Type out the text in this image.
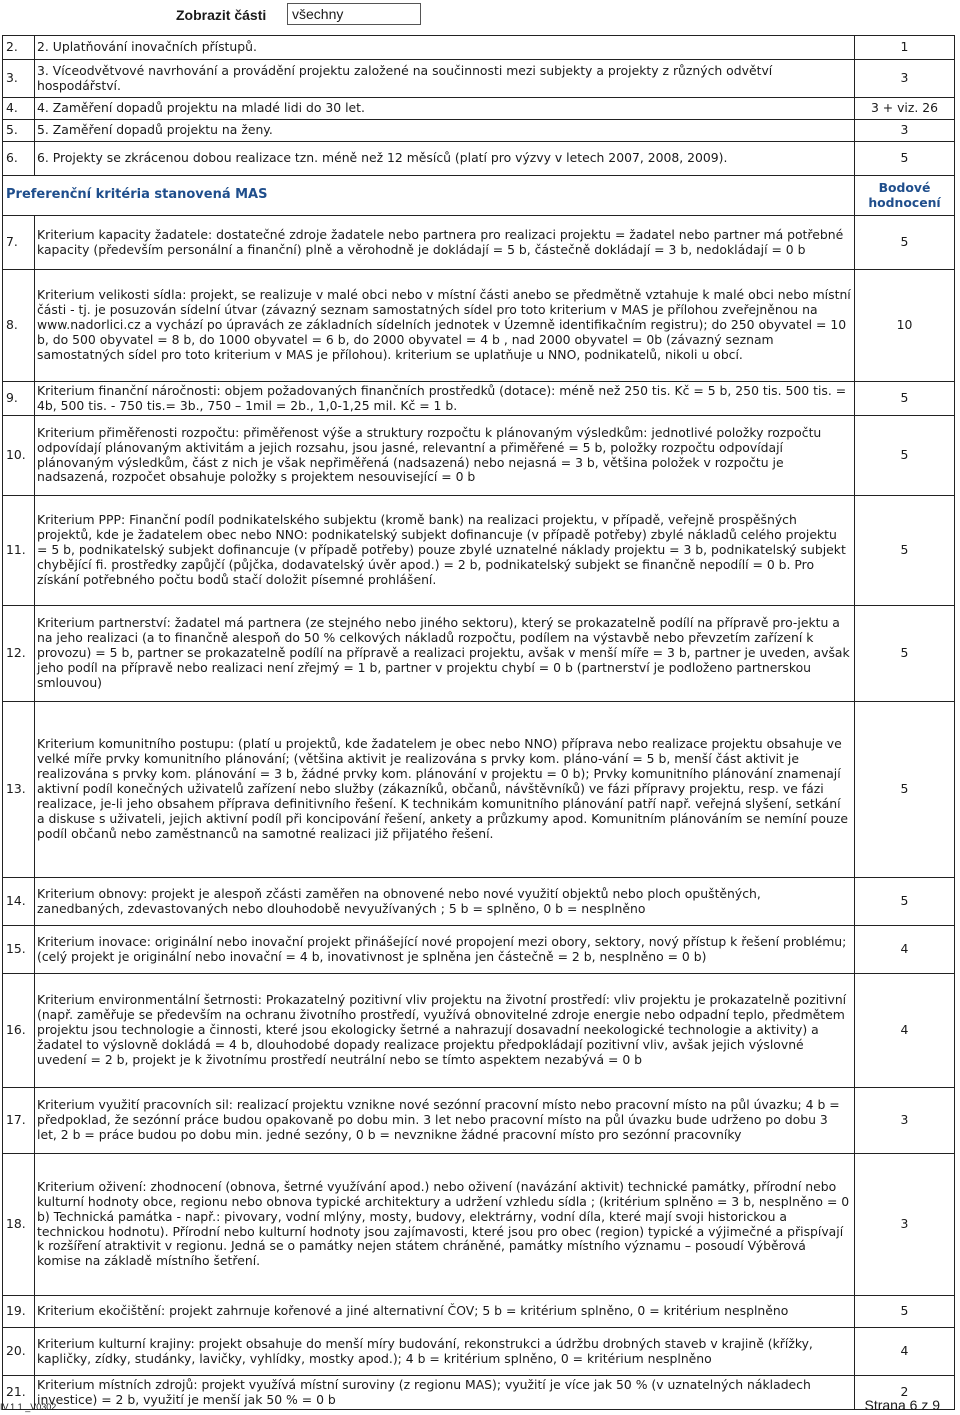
Zobrazit části	všechny
2.	2. Uplatňování inovačních přístupů.	1
3.	3. Víceodvětvové navrhování a provádění projektu založené na součinnosti mezi subjekty a projekty z různých odvětví hospodářství.	3
4.	4. Zaměření dopadů projektu na mladé lidi do 30 let.	3 + viz. 26
5.	5. Zaměření dopadů projektu na ženy.	3
6.	6. Projekty se zkrácenou dobou realizace tzn. méně než 12 měsíců (platí pro výzvy v letech 2007, 2008, 2009).	5
Preferenční kritéria stanovená MAS		Bodové hodnocení
7.	Kriterium kapacity žadatele: dostatečné zdroje žadatele nebo partnera pro realizaci projektu = žadatel nebo partner má potřebné kapacity (především personální a finanční) plně a věrohodně je dokládají = 5 b, částečně dokládají = 3 b, nedokládají = 0 b	5
8.	Kriterium velikosti sídla: projekt, se realizuje v malé obci nebo v místní části anebo se předmětně vztahuje k malé obci nebo místní části - tj. je posuzován sídelní útvar (závazný seznam samostatných sídel pro toto kriterium v MAS je přílohou zveřejněnou na www.nadorlici.cz a vychází po úpravách ze základních sídelních jednotek v Územně identifikačním registru); do 250 obyvatel = 10 b, do 500 obyvatel = 8 b, do 1000 obyvatel = 6 b, do 2000 obyvatel = 4 b , nad 2000 obyvatel = 0b (závazný seznam samostatných sídel pro toto kriterium v MAS je přílohou). kriterium se uplatňuje u NNO, podnikatelů, nikoli u obcí.	10
9.	Kriterium finanční náročnosti: objem požadovaných finančních prostředků (dotace): méně než 250 tis. Kč = 5 b, 250 tis. 500 tis. = 4b, 500 tis. - 750 tis.= 3b., 750 – 1mil = 2b., 1,0-1,25 mil. Kč = 1 b.	5
10.	Kriterium přiměřenosti rozpočtu: přiměřenost výše a struktury rozpočtu k plánovaným výsledkům: jednotlivé položky rozpočtu odpovídají plánovaným aktivitám a jejich rozsahu, jsou jasné, relevantní a přiměřené = 5 b, položky rozpočtu odpovídají plánovaným výsledkům, část z nich je však nepřiměřená (nadsazená) nebo nejasná = 3 b, většina položek v rozpočtu je nadsazená, rozpočet obsahuje položky s projektem nesouvisející = 0 b	5
11.	Kriterium PPP: Finanční podíl podnikatelského subjektu (kromě bank) na realizaci projektu, v případě, veřejně prospěšných projektů, kde je žadatelem obec nebo NNO: podnikatelský subjekt dofinancuje (v případě potřeby) zbylé nákladů celého projektu = 5 b, podnikatelský subjekt dofinancuje (v případě potřeby) pouze zbylé uznatelné náklady projektu = 3 b, podnikatelský subjekt chybějící fi. prostředky zapůjčí (půjčka, dodavatelský úvěr apod.) = 2 b, podnikatelský subjekt se finančně nepodílí = 0 b. Pro získání potřebného počtu bodů stačí doložit písemné prohlášení.	5
12.	Kriterium partnerství: žadatel má partnera (ze stejného nebo jiného sektoru), který se prokazatelně podílí na přípravě pro-jektu a na jeho realizaci (a to finančně alespoň do 50 % celkových nákladů rozpočtu, podílem na výstavbě nebo převzetím zařízení k provozu) = 5 b, partner se prokazatelně podílí na přípravě a realizaci projektu, avšak v menší míře = 3 b, partner je uveden, avšak jeho podíl na přípravě nebo realizaci není zřejmý = 1 b, partner v projektu chybí = 0 b (partnerství je podloženo partnerskou smlouvou)	5
13.	Kriterium komunitního postupu: (platí u projektů, kde žadatelem je obec nebo NNO) příprava nebo realizace projektu obsahuje ve velké míře prvky komunitního plánování; (většina aktivit je realizována s prvky kom. pláno-vání = 5 b, menší část aktivit je realizována s prvky kom. plánování = 3 b, žádné prvky kom. plánování v projektu = 0 b); Prvky komunitního plánování znamenají aktivní podíl konečných uživatelů zařízení nebo služby (zákazníků, občanů, návštěvníků) ve fázi přípravy projektu, resp. ve fázi realizace, je-li jeho obsahem příprava definitivního řešení. K technikám komunitního plánování patří např. veřejná slyšení, setkání a diskuse s uživateli, jejich aktivní podíl při koncipování řešení, ankety a průzkumy apod. Komunitním plánováním se nemíní pouze podíl občanů nebo zaměstnanců na samotné realizaci již přijatého řešení.	5
14.	Kriterium obnovy: projekt je alespoň zčásti zaměřen na obnovené nebo nové využití objektů nebo ploch opuštěných, zanedbaných, zdevastovaných nebo dlouhodobě nevyužívaných ; 5 b = splněno, 0 b = nesplněno	5
15.	Kriterium inovace: originální nebo inovační projekt přinášející nové propojení mezi obory, sektory, nový přístup k řešení problému; (celý projekt je originální nebo inovační = 4 b, inovativnost je splněna jen částečně = 2 b, nesplněno = 0 b)	4
16.	Kriterium environmentální šetrnosti: Prokazatelný pozitivní vliv projektu na životní prostředí: vliv projektu je prokazatelně pozitivní (např. zaměřuje se především na ochranu životního prostředí, využívá obnovitelné zdroje energie nebo odpadní teplo, předmětem projektu jsou technologie a činnosti, které jsou ekologicky šetrné a nahrazují dosavadní neekologické technologie a aktivity) a žadatel to výslovně dokládá = 4 b, dlouhodobé dopady realizace projektu předpokládají pozitivní vliv, avšak jejich výslovné uvedení = 2 b, projekt je k životnímu prostředí neutrální nebo se tímto aspektem nezabývá = 0 b	4
17.	Kriterium využití pracovních sil: realizací projektu vznikne nové sezónní pracovní místo nebo pracovní místo na půl úvazku; 4 b = předpoklad, že sezónní práce budou opakovaně po dobu min. 3 let nebo pracovní místo na půl úvazku bude udrženo po dobu 3 let, 2 b = práce budou po dobu min. jedné sezóny, 0 b = nevznikne žádné pracovní místo pro sezónní pracovníky	3
18.	Kriterium oživení: zhodnocení (obnova, šetrné využívání apod.) nebo oživení (navázání aktivit) technické památky, přírodní nebo kulturní hodnoty obce, regionu nebo obnova typické architektury a udržení vzhledu sídla ; (kritérium splněno = 3 b, nesplněno = 0 b) Technická památka - např.: pivovary, vodní mlýny, mosty, budovy, elektrárny, vodní díla, které mají svoji historickou a technickou hodnotu). Přírodní nebo kulturní hodnoty jsou zajímavosti, které jsou pro obec (region) typické a výjimečné a přispívají k rozšíření atraktivit v regionu. Jedná se o památky nejen státem chráněné, památky místního významu – posoudí Výběrová komise na základě místního šetření.	3
19.	Kriterium ekočištění: projekt zahrnuje kořenové a jiné alternativní ČOV; 5 b = kritérium splněno, 0 = kritérium nesplněno	5
20.	Kriterium kulturní krajiny: projekt obsahuje do menší míry budování, rekonstrukci a údržbu drobných staveb v krajině (křížky, kapličky, zídky, studánky, lavičky, vyhlídky, mostky apod.); 4 b = kritérium splněno, 0 = kritérium nesplněno	4
21.	Kriterium místních zdrojů: projekt využívá místní suroviny (z regionu MAS); využití je více jak 50 % (v uznatelných nákladech investice) = 2 b, využití je menší jak 50 % = 0 b	2
IV.1.1._V0302	Strana 6 z 9
